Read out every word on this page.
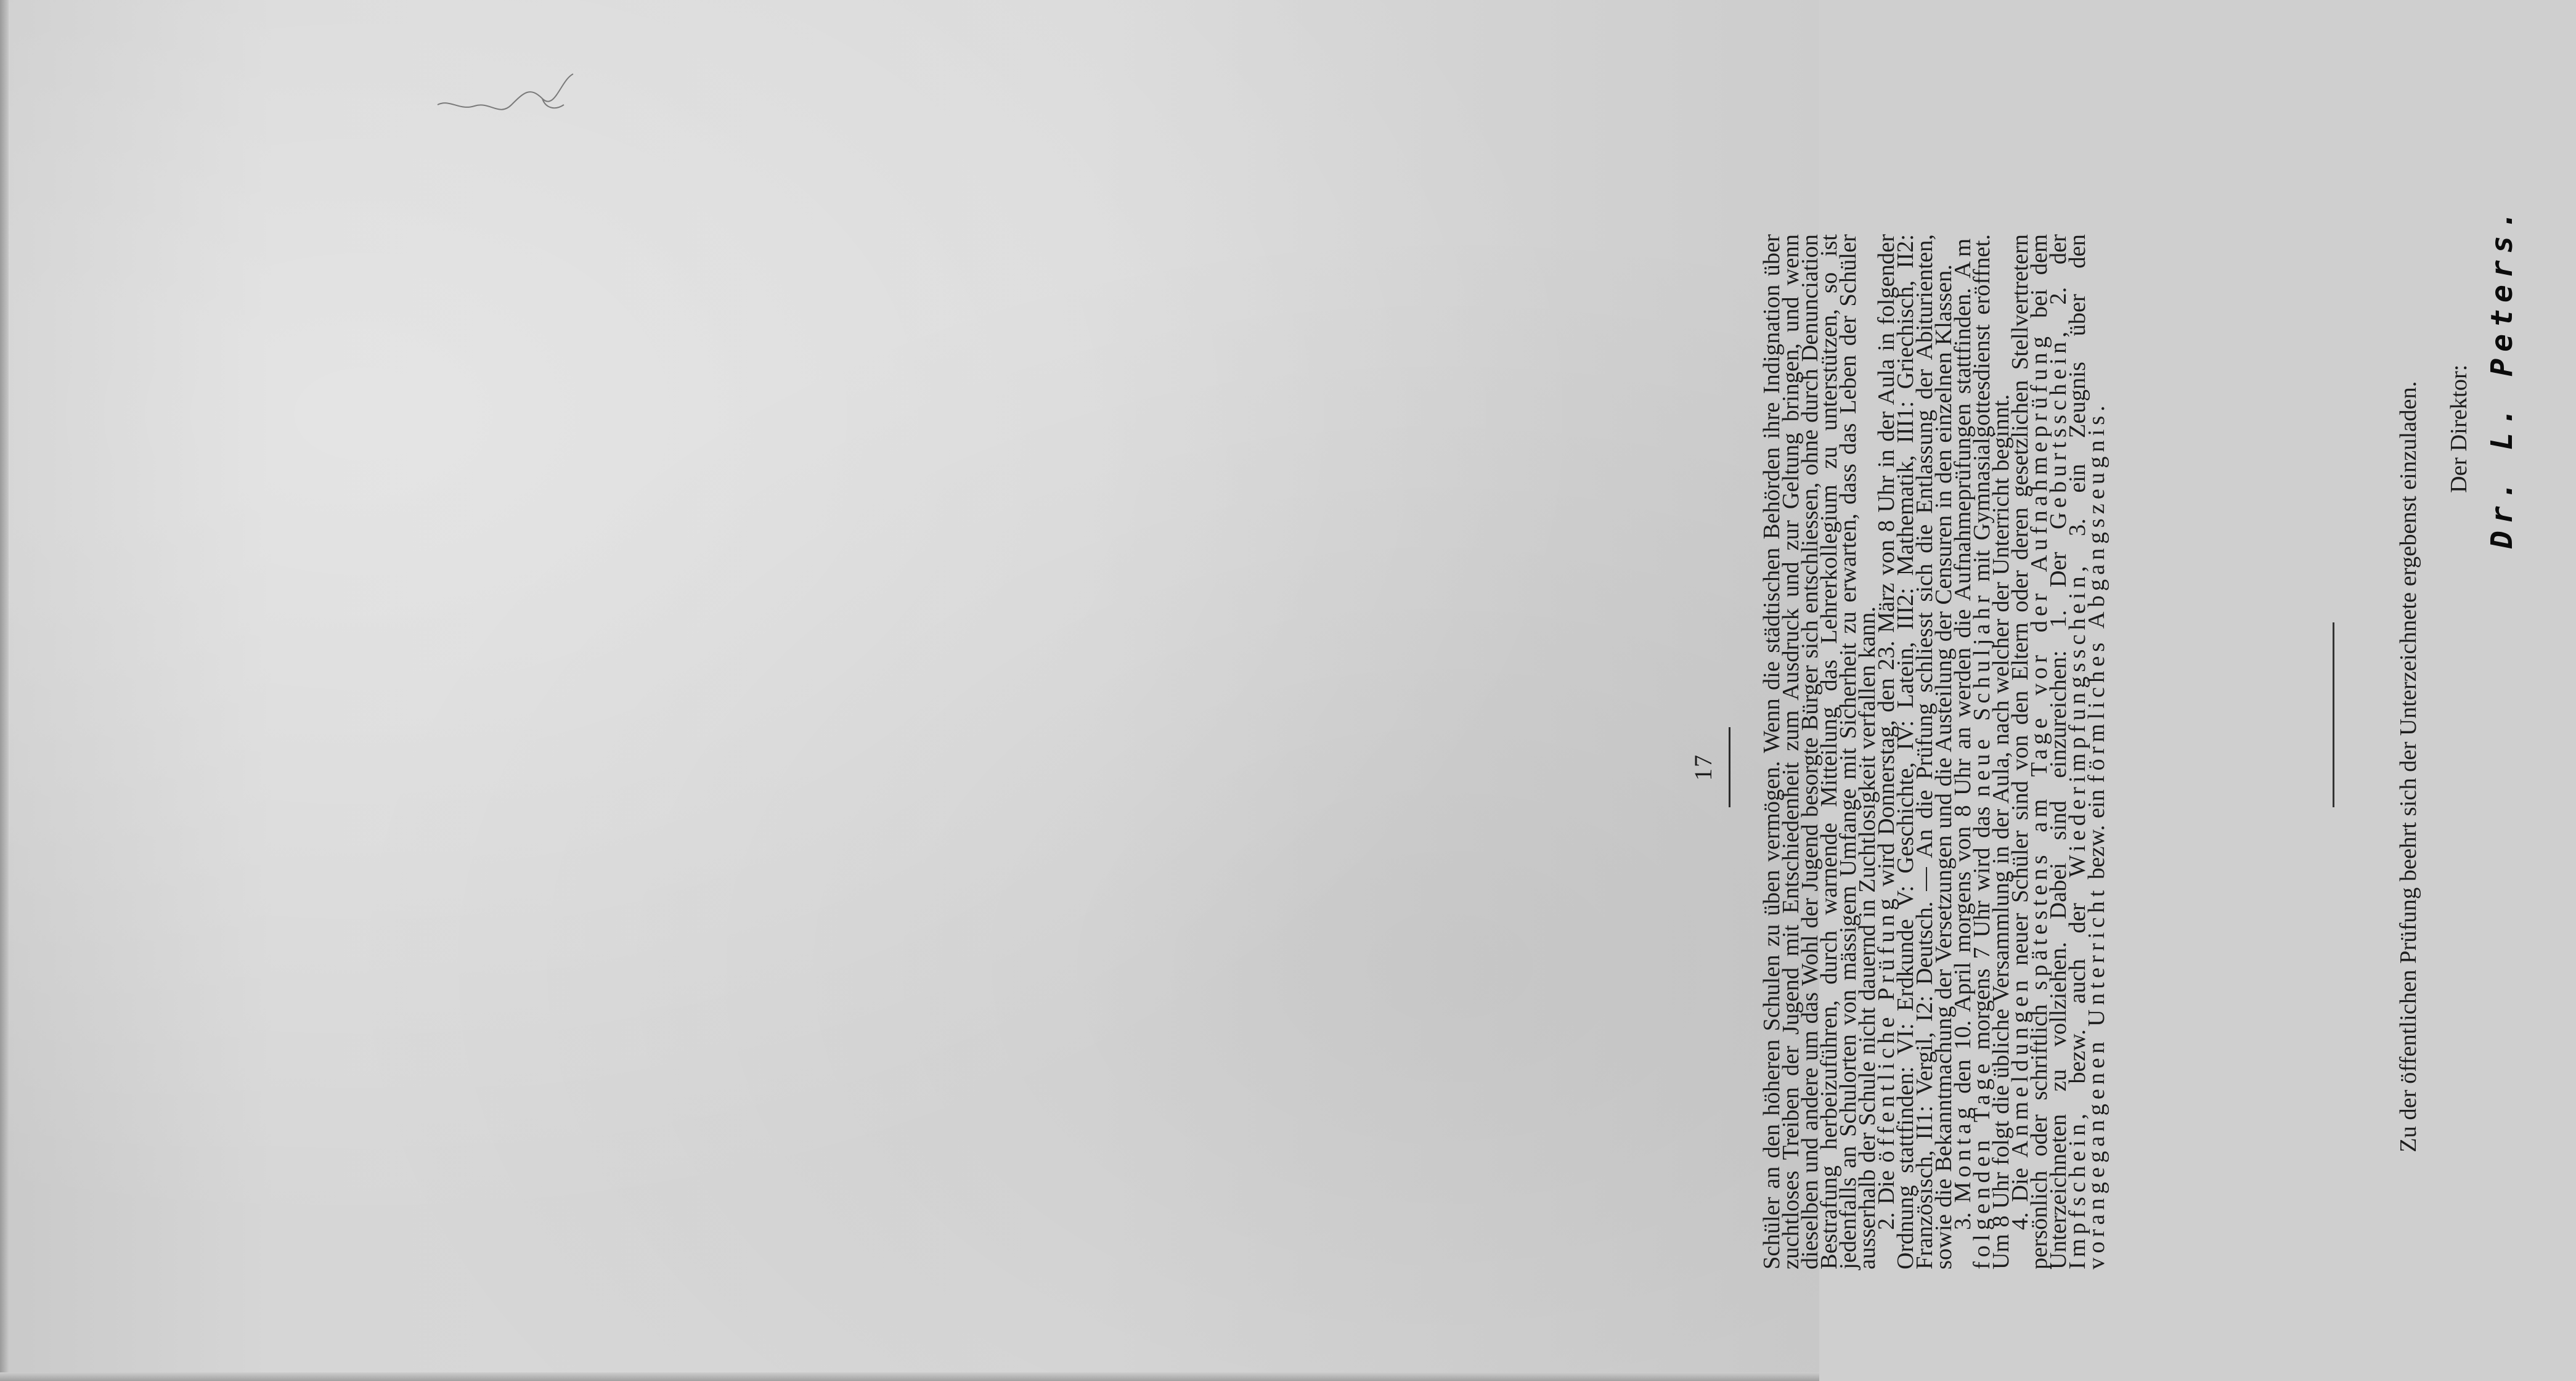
17 Schüler an den höheren Schulen zu üben vermögen. Wenn die städtischen Behörden ihre Indignation über zuchtloses Treiben der Jugend mit Entschiedenheit zum Ausdruck und zur Geltung bringen, und wenn dieselben und andere um das Wohl der Jugend besorgte Bürger sich entschliessen, ohne durch Denunciation Bestrafung herbeizuführen, durch warnende Mitteilung das Lehrerkollegium zu unterstützen, so ist jedenfalls an Schulorten von mässigem Umfange mit Sicherheit zu erwarten, dass das Leben der Schüler ausserhalb der Schule nicht dauernd in Zuchtlosigkeit verfallen kann.

2. Die öffentliche Prüfung wird Donnerstag, den 23. März von 8 Uhr in der Aula in folgender Ordnung stattfinden: VI: Erdkunde V: Geschichte, IV: Latein, III2: Mathematik, III1: Griechisch, II2: Französisch, II1: Vergil, I2: Deutsch. — An die Prüfung schliesst sich die Entlassung der Abiturienten, sowie die Bekanntmachung der Versetzungen und die Austeilung der Censuren in den einzelnen Klassen.

3. Montag den 10. April morgens von 8 Uhr an werden die Aufnahmeprüfungen stattfinden. Am folgenden Tage morgens 7 Uhr wird das neue Schuljahr mit Gymnasialgottesdienst eröffnet. Um 8 Uhr folgt die übliche Versammlung in der Aula, nach welcher der Unterricht beginnt.

4. Die Anmeldungen neuer Schüler sind von den Eltern oder deren gesetzlichen Stellvertretern persönlich oder schriftlich spätestens am Tage vor der Aufnahmeprüfung bei dem Unterzeichneten zu vollziehen. Dabei sind einzureichen: 1. Der Geburtsschein, 2. der Impfschein, bezw. auch der Wiederimpfungsschein, 3. ein Zeugnis über den vorangegangenen Unterricht bezw. ein förmliches Abgangszeugnis.	Zu der öffentlichen Prüfung beehrt sich der Unterzeichnete ergebenst einzuladen. Der Direktor: Dr. L. Peters.
